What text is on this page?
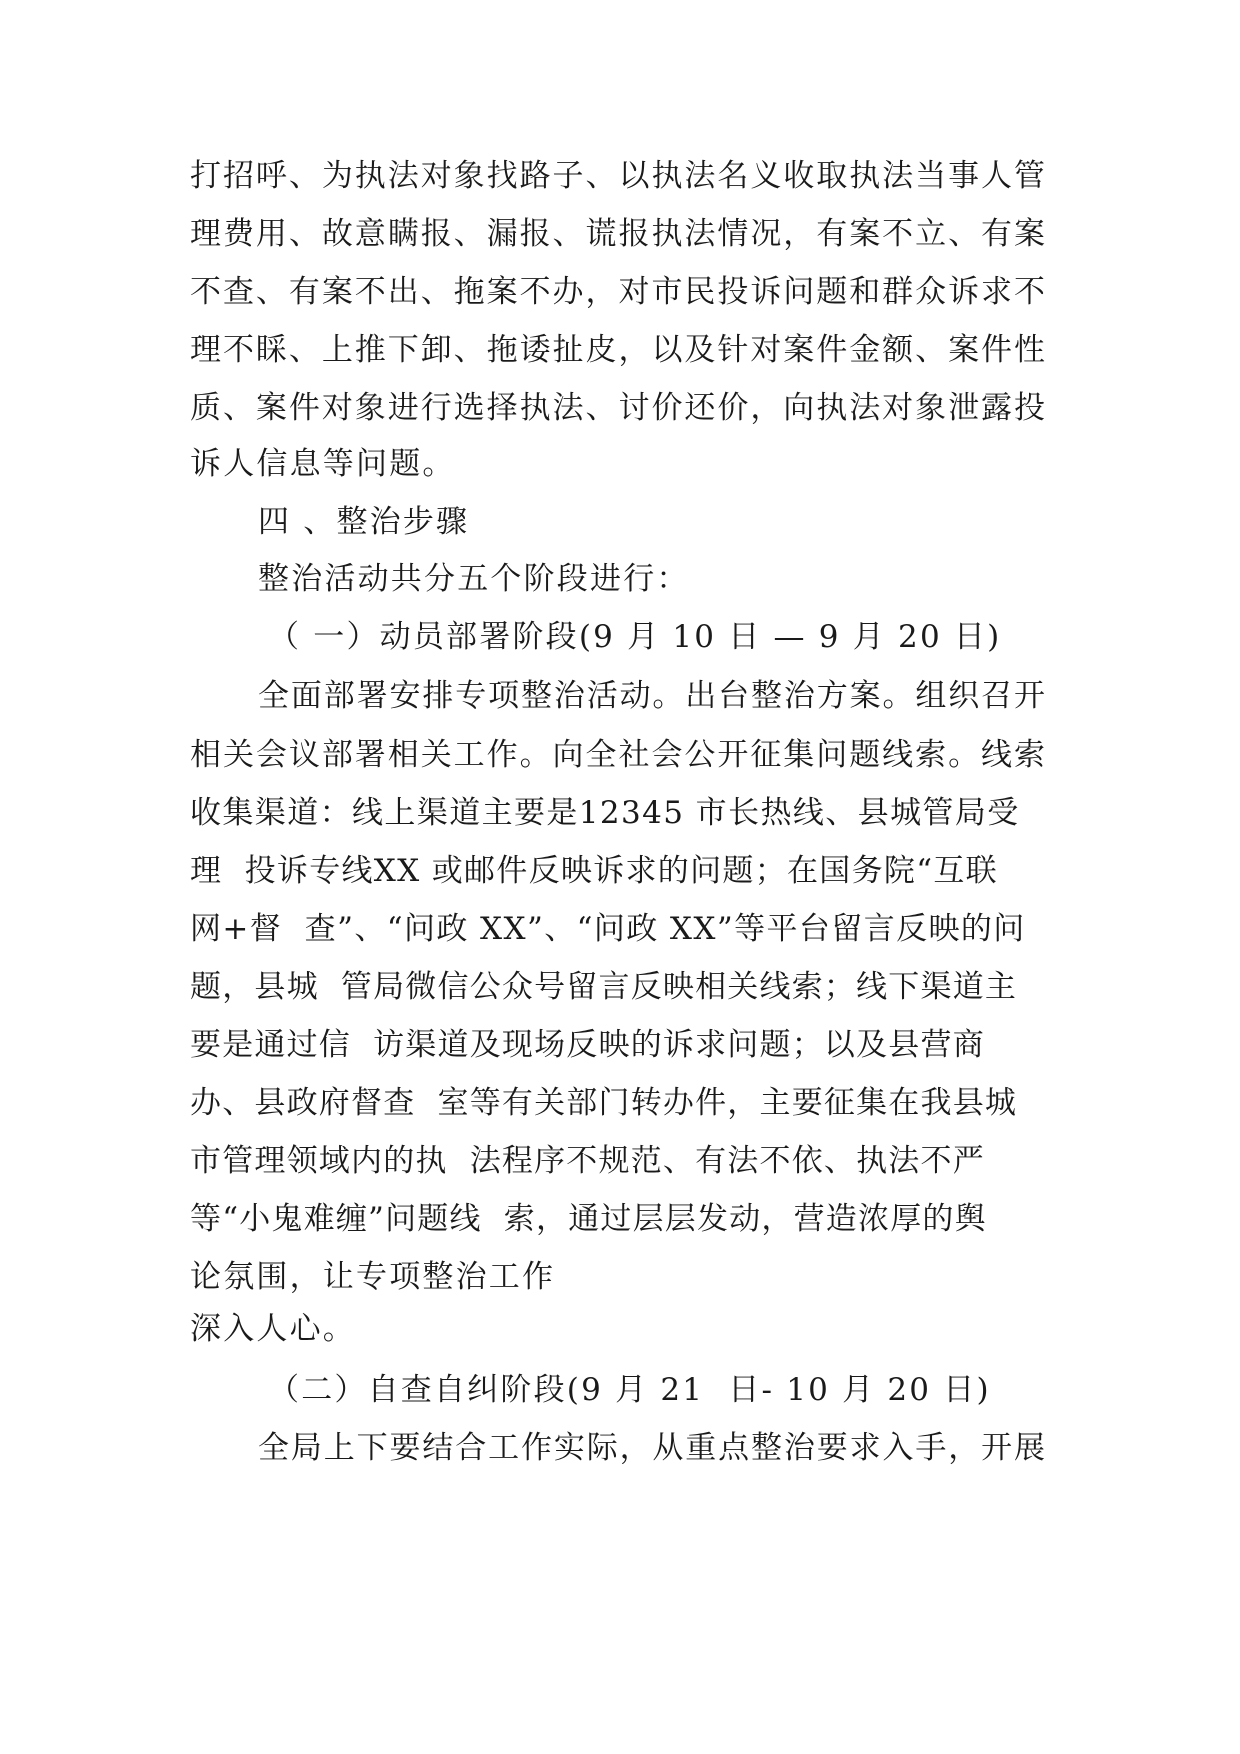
打招呼、为执法对象找路子、以执法名义收取执法当事人管
理费用、故意瞒报、漏报、谎报执法情况，有案不立、有案
不查、有案不出、拖案不办，对市民投诉问题和群众诉求不
理不睬、上推下卸、拖诿扯皮，以及针对案件金额、案件性
质、案件对象进行选择执法、讨价还价，向执法对象泄露投
诉人信息等问题。
四 、整治步骤
整治活动共分五个阶段进行：
（ 一）动员部署阶段(9 月 10 日 — 9 月 20 日)
全面部署安排专项整治活动。出台整治方案。组织召开
相关会议部署相关工作。向全社会公开征集问题线索。线索
收集渠道：线上渠道主要是12345 市长热线、县城管局受
理  投诉专线XX 或邮件反映诉求的问题；在国务院“互联
网+督  查”、“问政 XX”、“问政 XX”等平台留言反映的问
题，县城  管局微信公众号留言反映相关线索；线下渠道主
要是通过信  访渠道及现场反映的诉求问题；以及县营商
办、县政府督查  室等有关部门转办件，主要征集在我县城
市管理领域内的执  法程序不规范、有法不依、执法不严
等“小鬼难缠”问题线  索，通过层层发动，营造浓厚的舆
论氛围，让专项整治工作
深入人心。
（二）自查自纠阶段(9 月 21  日- 10 月 20 日)
全局上下要结合工作实际，从重点整治要求入手，开展
